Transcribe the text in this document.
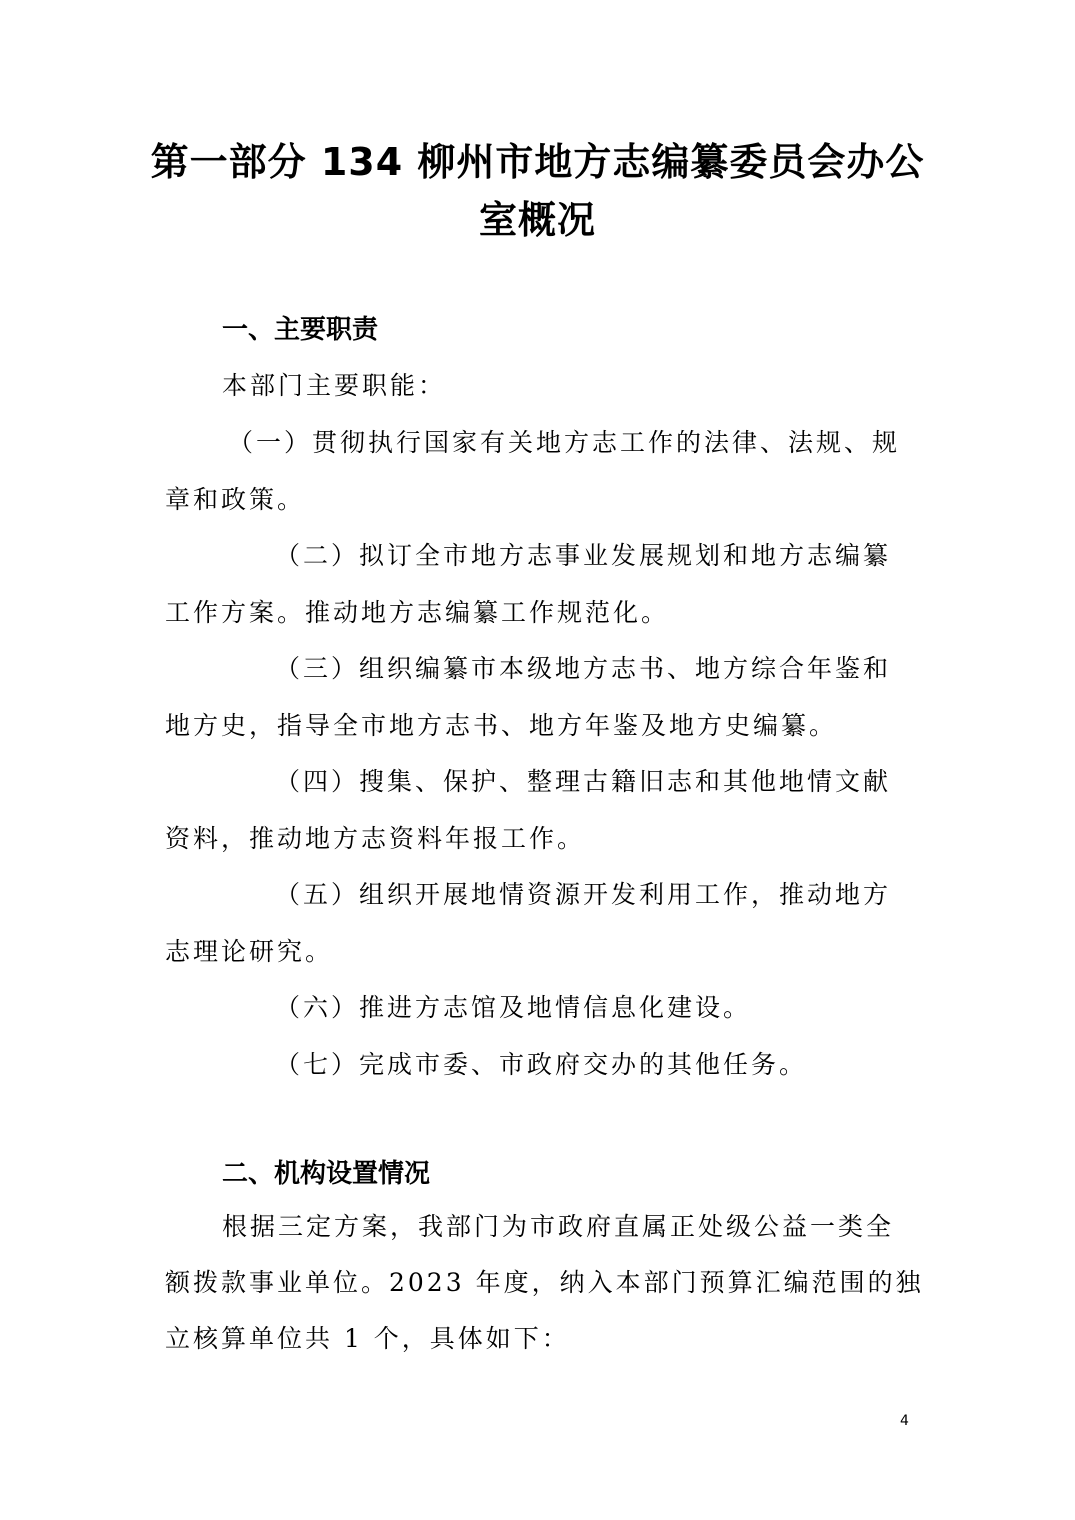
第一部分 134 柳州市地方志编纂委员会办公
室概况
一、主要职责
本部门主要职能：
（一）贯彻执行国家有关地方志工作的法律、法规、规
章和政策。
（二）拟订全市地方志事业发展规划和地方志编纂
工作方案。推动地方志编纂工作规范化。
（三）组织编纂市本级地方志书、地方综合年鉴和
地方史，指导全市地方志书、地方年鉴及地方史编纂。
（四）搜集、保护、整理古籍旧志和其他地情文献
资料，推动地方志资料年报工作。
（五）组织开展地情资源开发利用工作，推动地方
志理论研究。
（六）推进方志馆及地情信息化建设。
（七）完成市委、市政府交办的其他任务。
二、机构设置情况
根据三定方案，我部门为市政府直属正处级公益一类全
额拨款事业单位。2023 年度，纳入本部门预算汇编范围的独
立核算单位共 1 个，具体如下：
4
